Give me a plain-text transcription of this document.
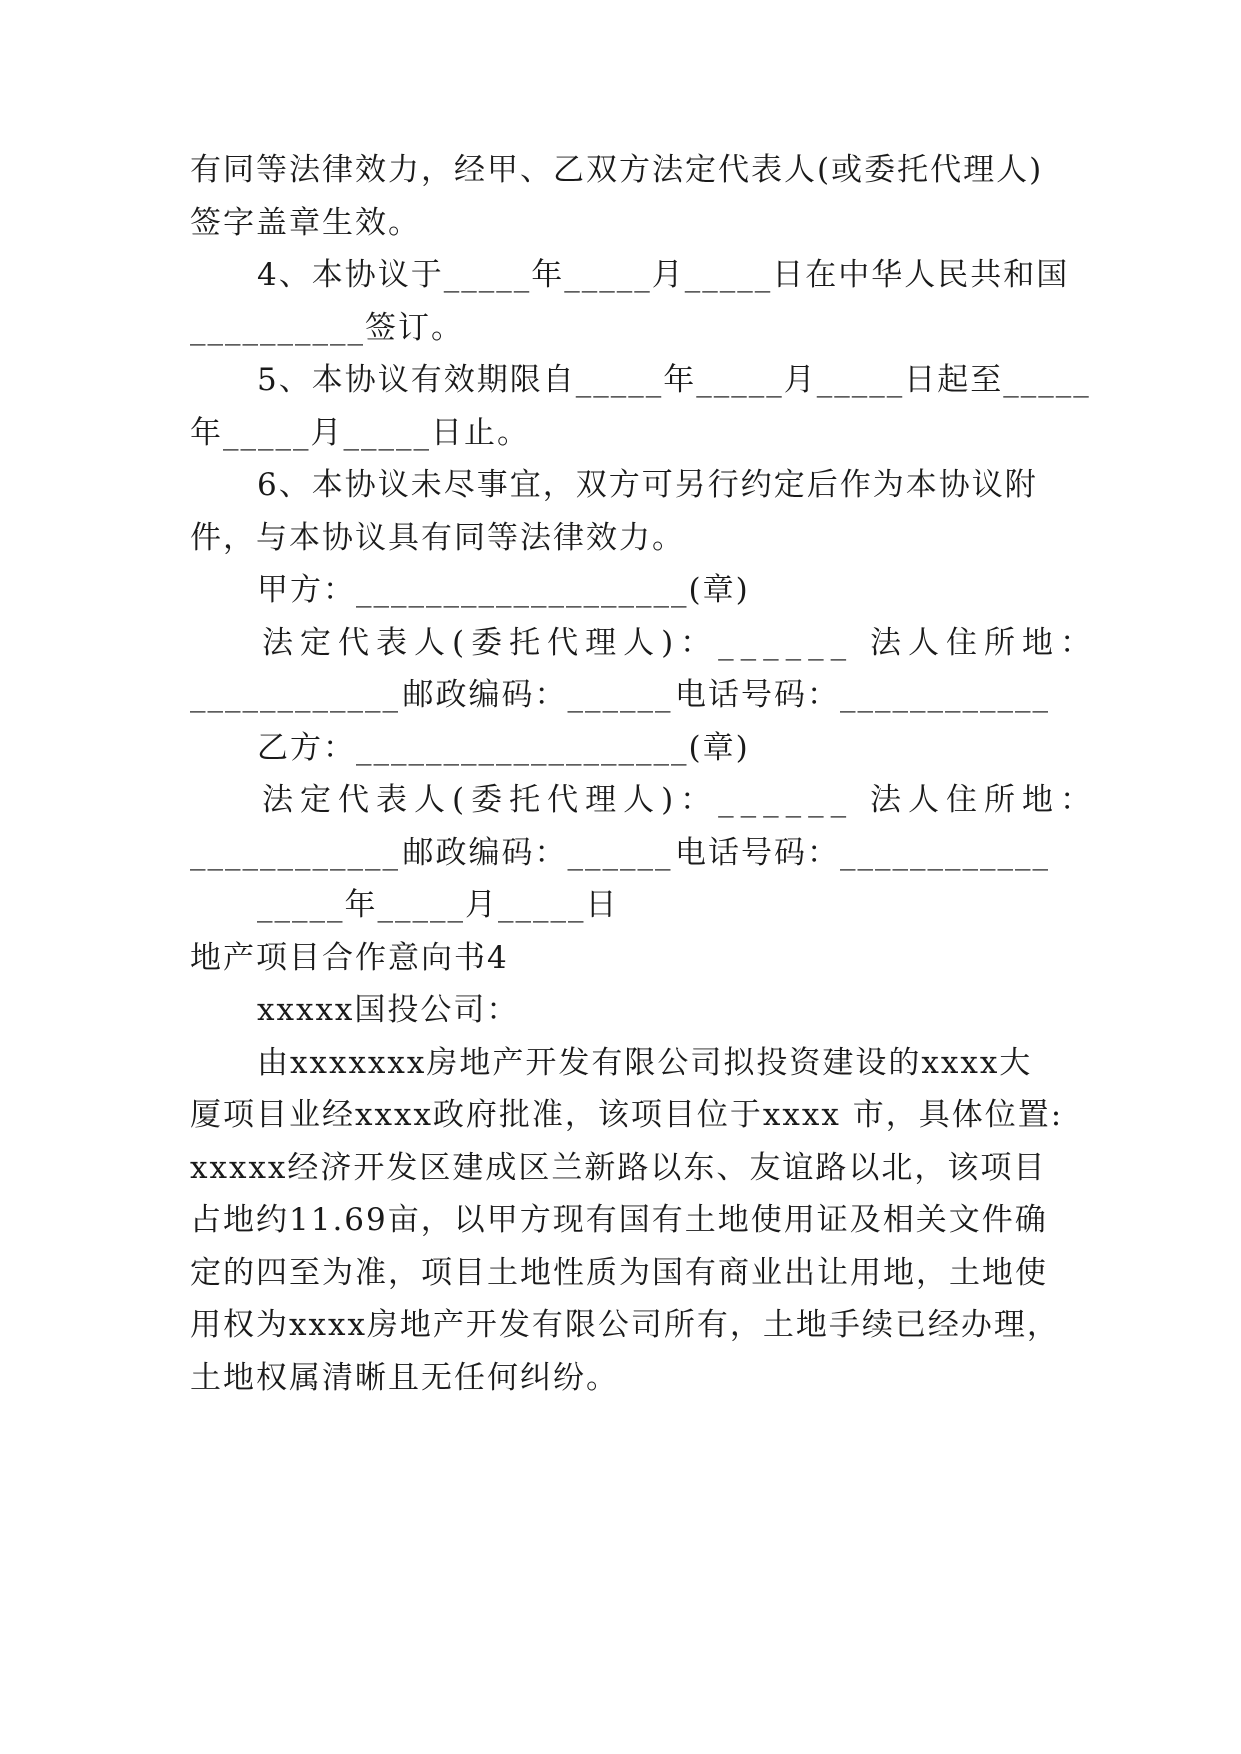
有同等法律效力，经甲、乙双方法定代表人(或委托代理人)
签字盖章生效。
4、本协议于_____年_____月_____日在中华人民共和国
__________签订。
5、本协议有效期限自_____年_____月_____日起至_____
年_____月_____日止。
6、本协议未尽事宜，双方可另行约定后作为本协议附
件，与本协议具有同等法律效力。
甲方：___________________(章)
法定代表人(委托代理人)：______ 法人住所地：
____________ 邮政编码：______ 电话号码：____________
乙方：___________________(章)
法定代表人(委托代理人)：______ 法人住所地：
____________ 邮政编码：______ 电话号码：____________
_____年_____月_____日
地产项目合作意向书4
xxxxx国投公司：
由xxxxxxx房地产开发有限公司拟投资建设的xxxx大
厦项目业经xxxx政府批准，该项目位于xxxx 市，具体位置:
xxxxx经济开发区建成区兰新路以东、友谊路以北，该项目
占地约11.69亩，以甲方现有国有土地使用证及相关文件确
定的四至为准，项目土地性质为国有商业出让用地，土地使
用权为xxxx房地产开发有限公司所有，土地手续已经办理，
土地权属清晰且无任何纠纷。
